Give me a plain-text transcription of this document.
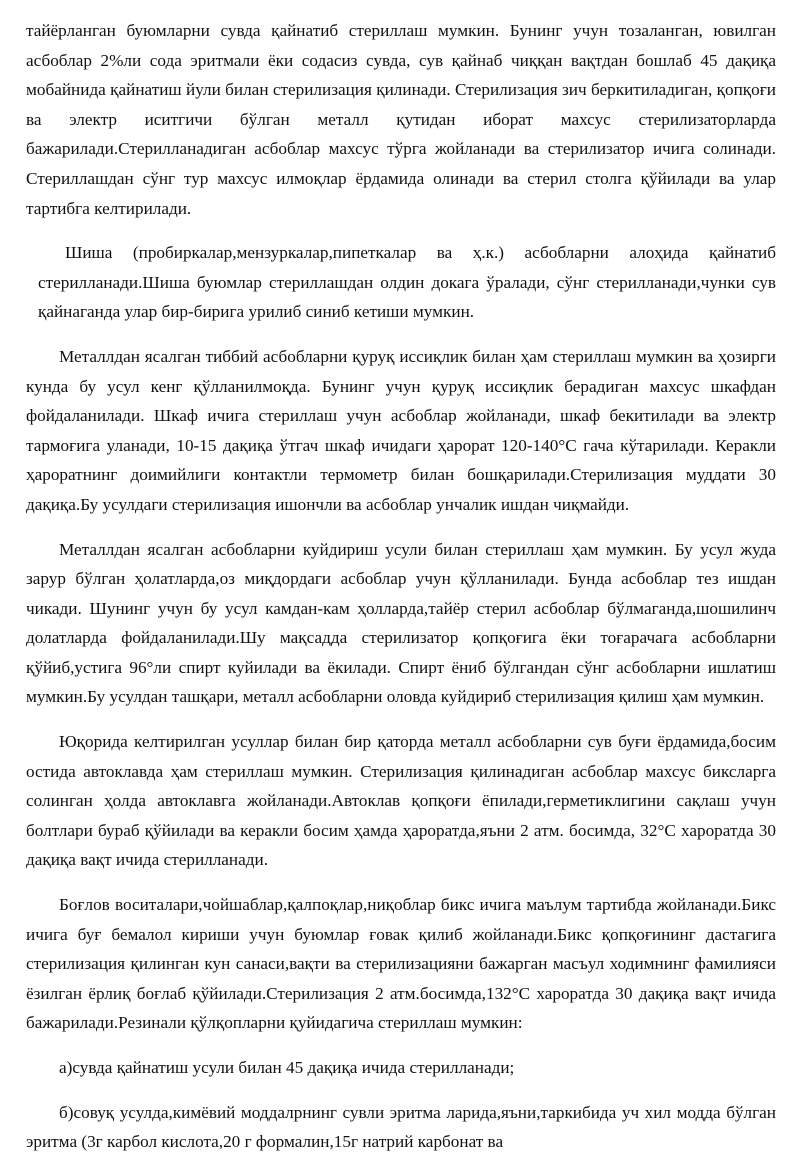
тайёрланган буюмларни сувда қайнатиб стериллаш мумкин. Бунинг учун тозаланган, ювилган асбоблар 2%ли сода эритмали ёки содасиз сувда, сув қайнаб чиққан вақтдан бошлаб 45 дақиқа мобайнида қайнатиш йули билан стерилизация қилинади. Стерилизация зич беркитиладиган, қопқоғи ва электр иситгичи бўлган металл қутидан иборат махсус стерилизаторларда бажарилади.Стерилланадиган асбоблар махсус тўрга жойланади ва стерилизатор ичига солинади. Стериллашдан сўнг тур махсус илмоқлар ёрдамида олинади ва стерил столга қўйилади ва улар тартибга келтирилади.

Шиша (пробиркалар,мензуркалар,пипеткалар ва ҳ.к.) асбобларни алоҳида қайнатиб стерилланади.Шиша буюмлар стериллашдан олдин докага ўралади, сўнг стерилланади,чунки сув қайнаганда улар бир-бирига урилиб синиб кетиши мумкин.

Металлдан ясалган тиббий асбобларни қуруқ иссиқлик билан ҳам стериллаш мумкин ва ҳозирги кунда бу усул кенг қўлланилмоқда. Бунинг учун қуруқ иссиқлик берадиган махсус шкафдан фойдаланилади. Шкаф ичига стериллаш учун асбоблар жойланади, шкаф бекитилади ва электр тармоғига уланади, 10-15 дақиқа ўтгач шкаф ичидаги ҳарорат 120-140°С гача кўтарилади. Керакли ҳароратнинг доимийлиги контактли термометр билан бошқарилади.Стерилизация муддати 30 дақиқа.Бу усулдаги стерилизация ишончли ва асбоблар унчалик ишдан чиқмайди.

Металлдан ясалган асбобларни куйдириш усули билан стериллаш ҳам мумкин. Бу усул жуда зарур бўлган ҳолатларда,оз миқдордаги асбоблар учун қўлланилади. Бунда асбоблар тез ишдан чикади. Шунинг учун бу усул камдан-кам ҳолларда,тайёр стерил асбоблар бўлмаганда,шошилинч долатларда фойдаланилади.Шу мақсадда стерилизатор қопқоғига ёки тоғарачага асбобларни қўйиб,устига 96°ли спирт куйилади ва ёкилади. Спирт ёниб бўлгандан сўнг асбобларни ишлатиш мумкин.Бу усулдан ташқари, металл асбобларни оловда куйдириб стерилизация қилиш ҳам мумкин.

Юқорида келтирилган усуллар билан бир қаторда металл асбобларни сув буғи ёрдамида,босим остида автоклавда ҳам стериллаш мумкин. Стерилизация қилинадиган асбоблар махсус биксларга солинган ҳолда автоклавга жойланади.Автоклав қопқоғи ёпилади,герметиклигини сақлаш учун болтлари бураб қўйилади ва керакли босим ҳамда ҳароратда,яъни 2 атм. босимда, 32°С хароратда 30 дақиқа вақт ичида стерилланади.

Боғлов воситалари,чойшаблар,қалпоқлар,ниқоблар бикс ичига маълум тартибда жойланади.Бикс ичига буғ бемалол кириши учун буюмлар ғовак қилиб жойланади.Бикс қопқоғининг дастагига стерилизация қилинган кун санаси,вақти ва стерилизацияни бажарган масъул ходимнинг фамилияси ёзилган ёрлиқ боғлаб қўйилади.Стерилизация 2 атм.босимда,132°С хароратда 30 дақиқа вақт ичида бажарилади.Резинали қўлқопларни қуйидагича стериллаш мумкин:

а)сувда қайнатиш усули билан 45 дақиқа ичида стерилланади;

б)совуқ усулда,кимёвий моддалрнинг сувли эритма ларида,яъни,таркибида уч хил модда бўлган эритма (3г карбол кислота,20 г формалин,15г натрий карбонат ва
